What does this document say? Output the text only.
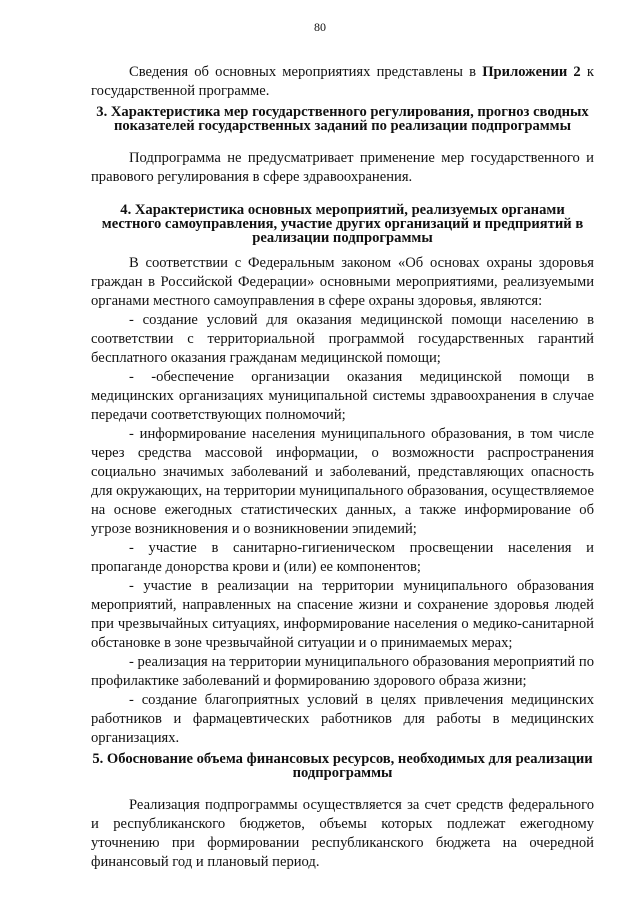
80

Сведения об основных мероприятиях представлены в Приложении 2 к государственной программе.

3. Характеристика мер государственного регулирования, прогноз сводных показателей государственных заданий по реализации подпрограммы

Подпрограмма не предусматривает применение мер государственного и правового регулирования в сфере здравоохранения.

4. Характеристика основных мероприятий, реализуемых органами местного самоуправления, участие других организаций и предприятий в реализации подпрограммы

В соответствии с Федеральным законом «Об основах охраны здоровья граждан в Российской Федерации» основными мероприятиями, реализуемыми органами местного самоуправления в сфере охраны здоровья, являются:

- создание условий для оказания медицинской помощи населению в соответствии с территориальной программой государственных гарантий бесплатного оказания гражданам медицинской помощи;

- -обеспечение организации оказания медицинской помощи в медицинских организациях муниципальной системы здравоохранения в случае передачи соответствующих полномочий;

- информирование населения муниципального образования, в том числе через средства массовой информации, о возможности распространения социально значимых заболеваний и заболеваний, представляющих опасность для окружающих, на территории муниципального образования, осуществляемое на основе ежегодных статистических данных, а также информирование об угрозе возникновения и о возникновении эпидемий;

- участие в санитарно-гигиеническом просвещении населения и пропаганде донорства крови и (или) ее компонентов;

- участие в реализации на территории муниципального образования мероприятий, направленных на спасение жизни и сохранение здоровья людей при чрезвычайных ситуациях, информирование населения о медико-санитарной обстановке в зоне чрезвычайной ситуации и о принимаемых мерах;

- реализация на территории муниципального образования мероприятий по профилактике заболеваний и формированию здорового образа жизни;

- создание благоприятных условий в целях привлечения медицинских работников и фармацевтических работников для работы в медицинских организациях.

5. Обоснование объема финансовых ресурсов, необходимых для реализации подпрограммы

Реализация подпрограммы осуществляется за счет средств федерального и республиканского бюджетов, объемы которых подлежат ежегодному уточнению при формировании республиканского бюджета на очередной финансовый год и плановый период.
